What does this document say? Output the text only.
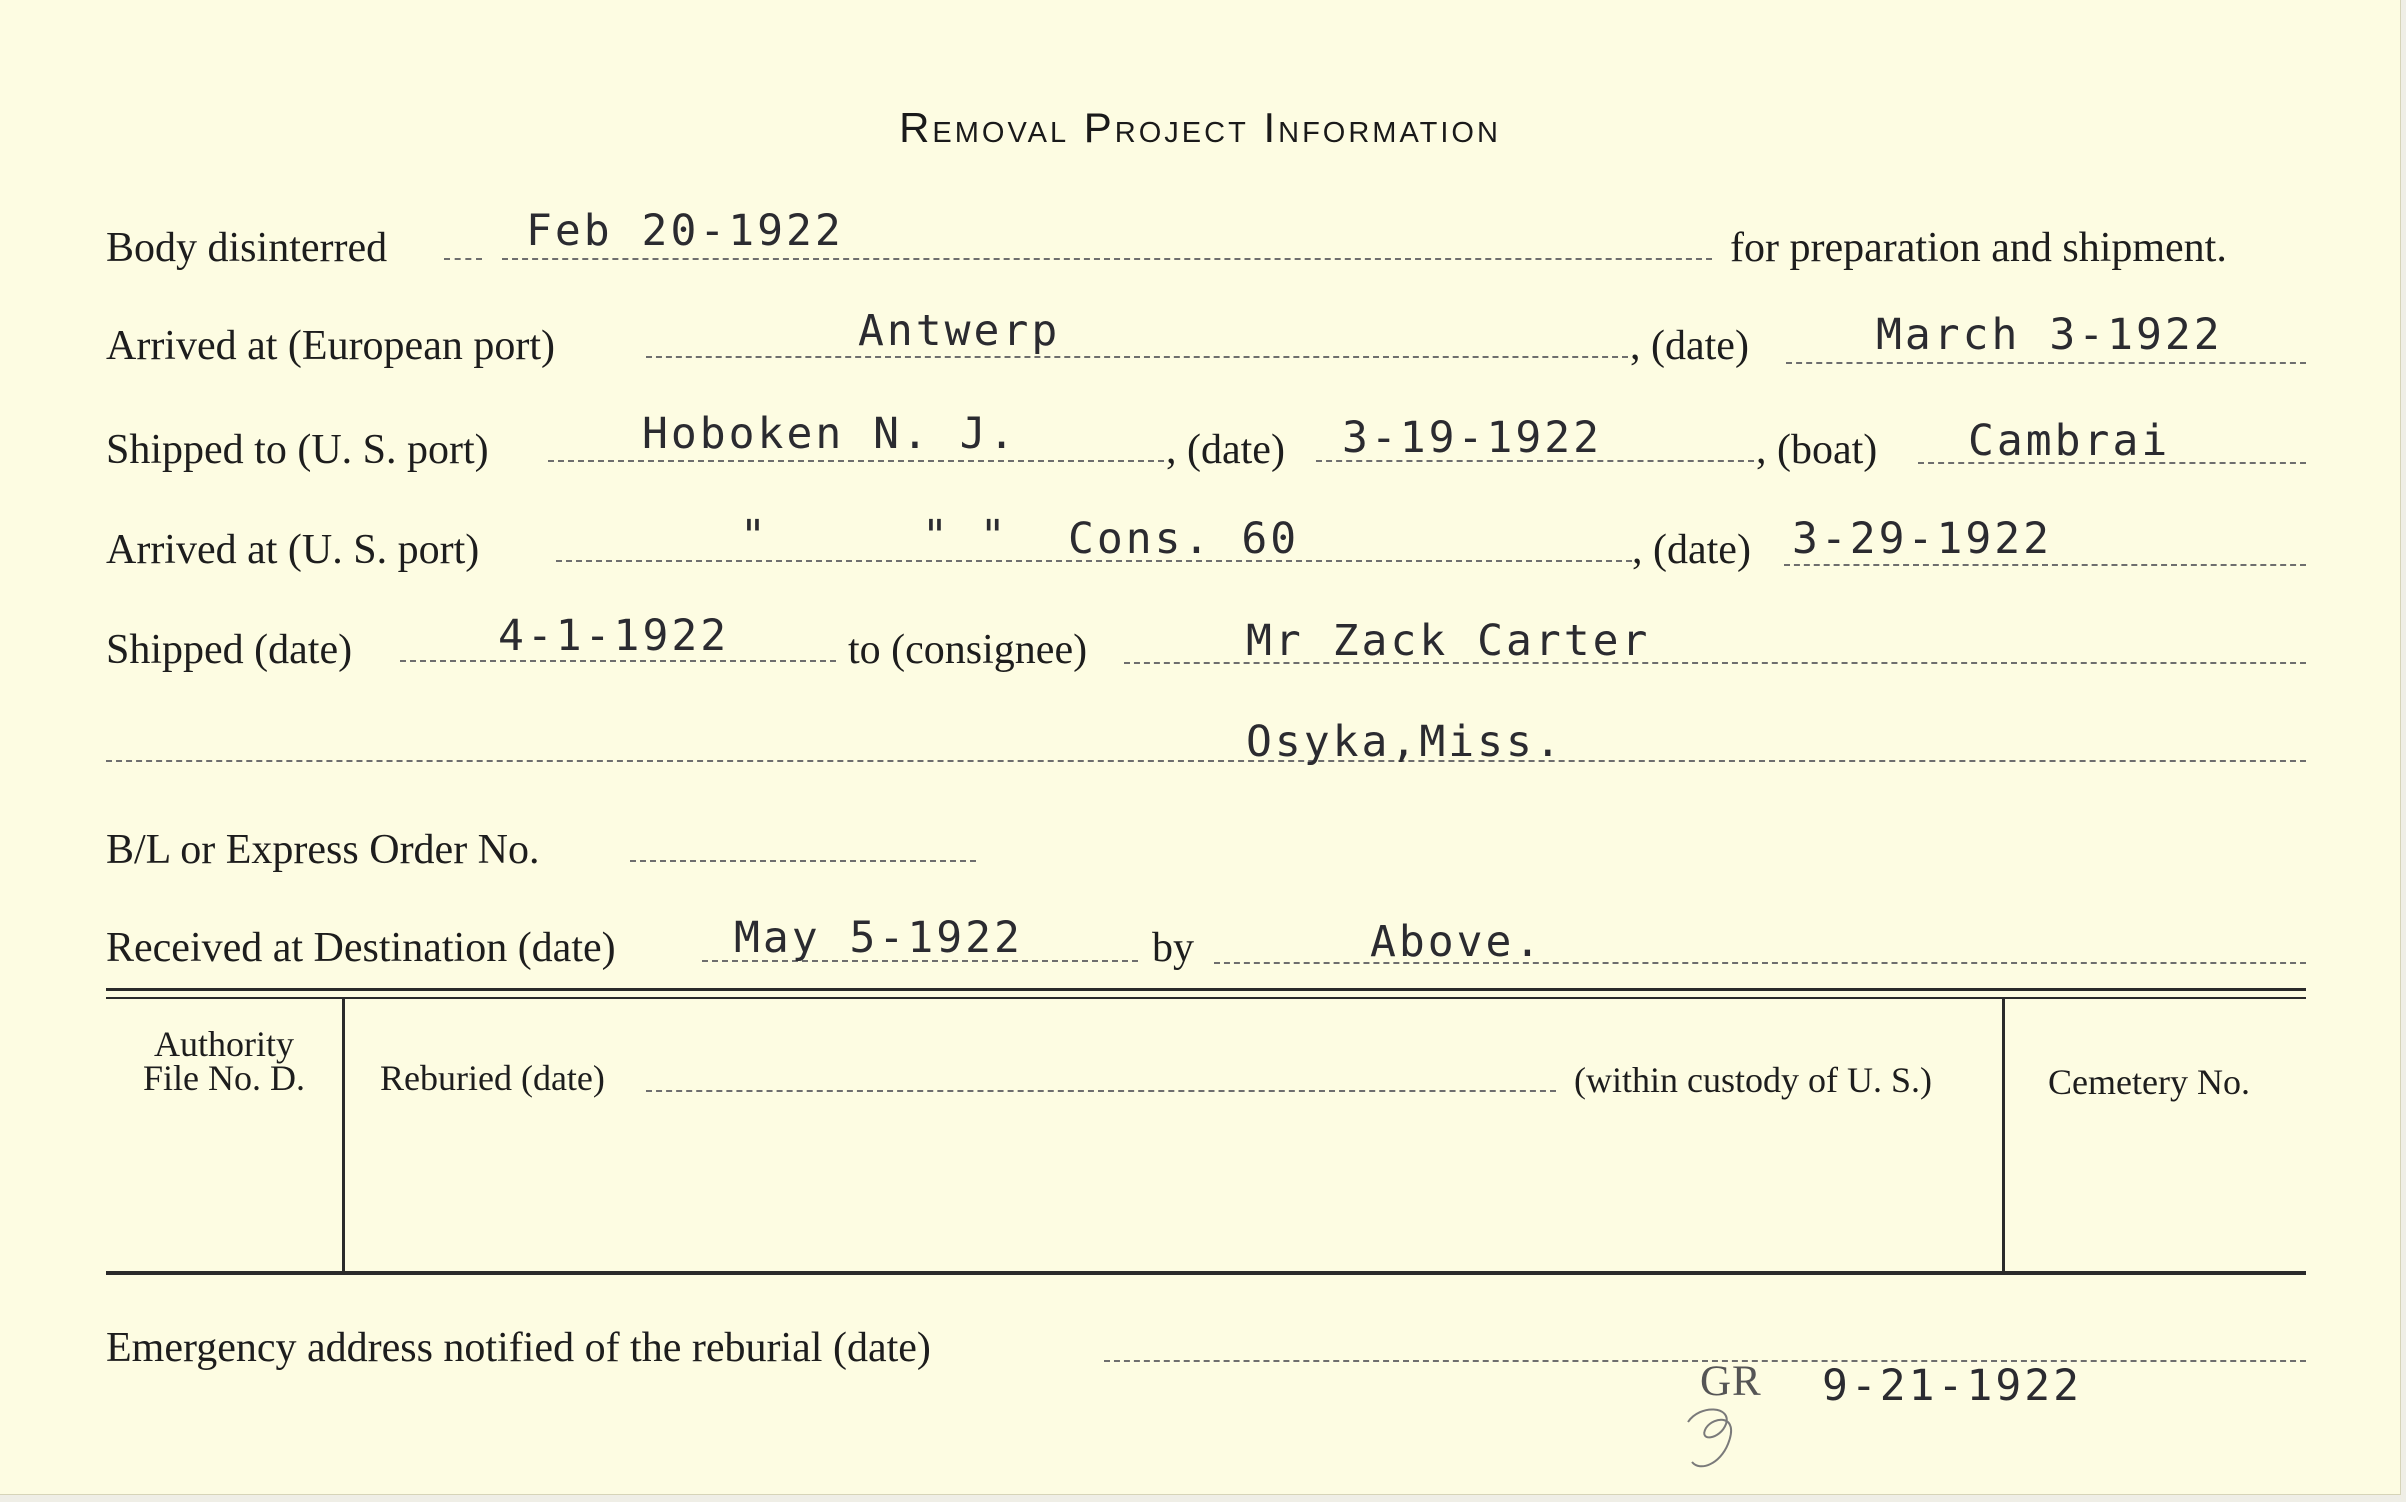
Removal Project Information
Body disinterred	Feb 20-1922	for preparation and shipment.
Arrived at (European port)	Antwerp	, (date)	March 3-1922
Shipped to (U. S. port)	Hoboken N. J.	, (date) 3-19-1922	, (boat) Cambrai
Arrived at (U. S. port)	"	" " Cons. 60	, (date) 3-29-1922
Shipped (date)	4-1-1922	to (consignee)	Mr Zack Carter
Osyka,Miss.
B/L or Express Order No.
Received at Destination (date)	May 5-1922	by	Above.
Authority
File No. D.	Reburied (date)	(within custody of U. S.)	Cemetery No.
Emergency address notified of the reburial (date)
GR 9-21-1922
